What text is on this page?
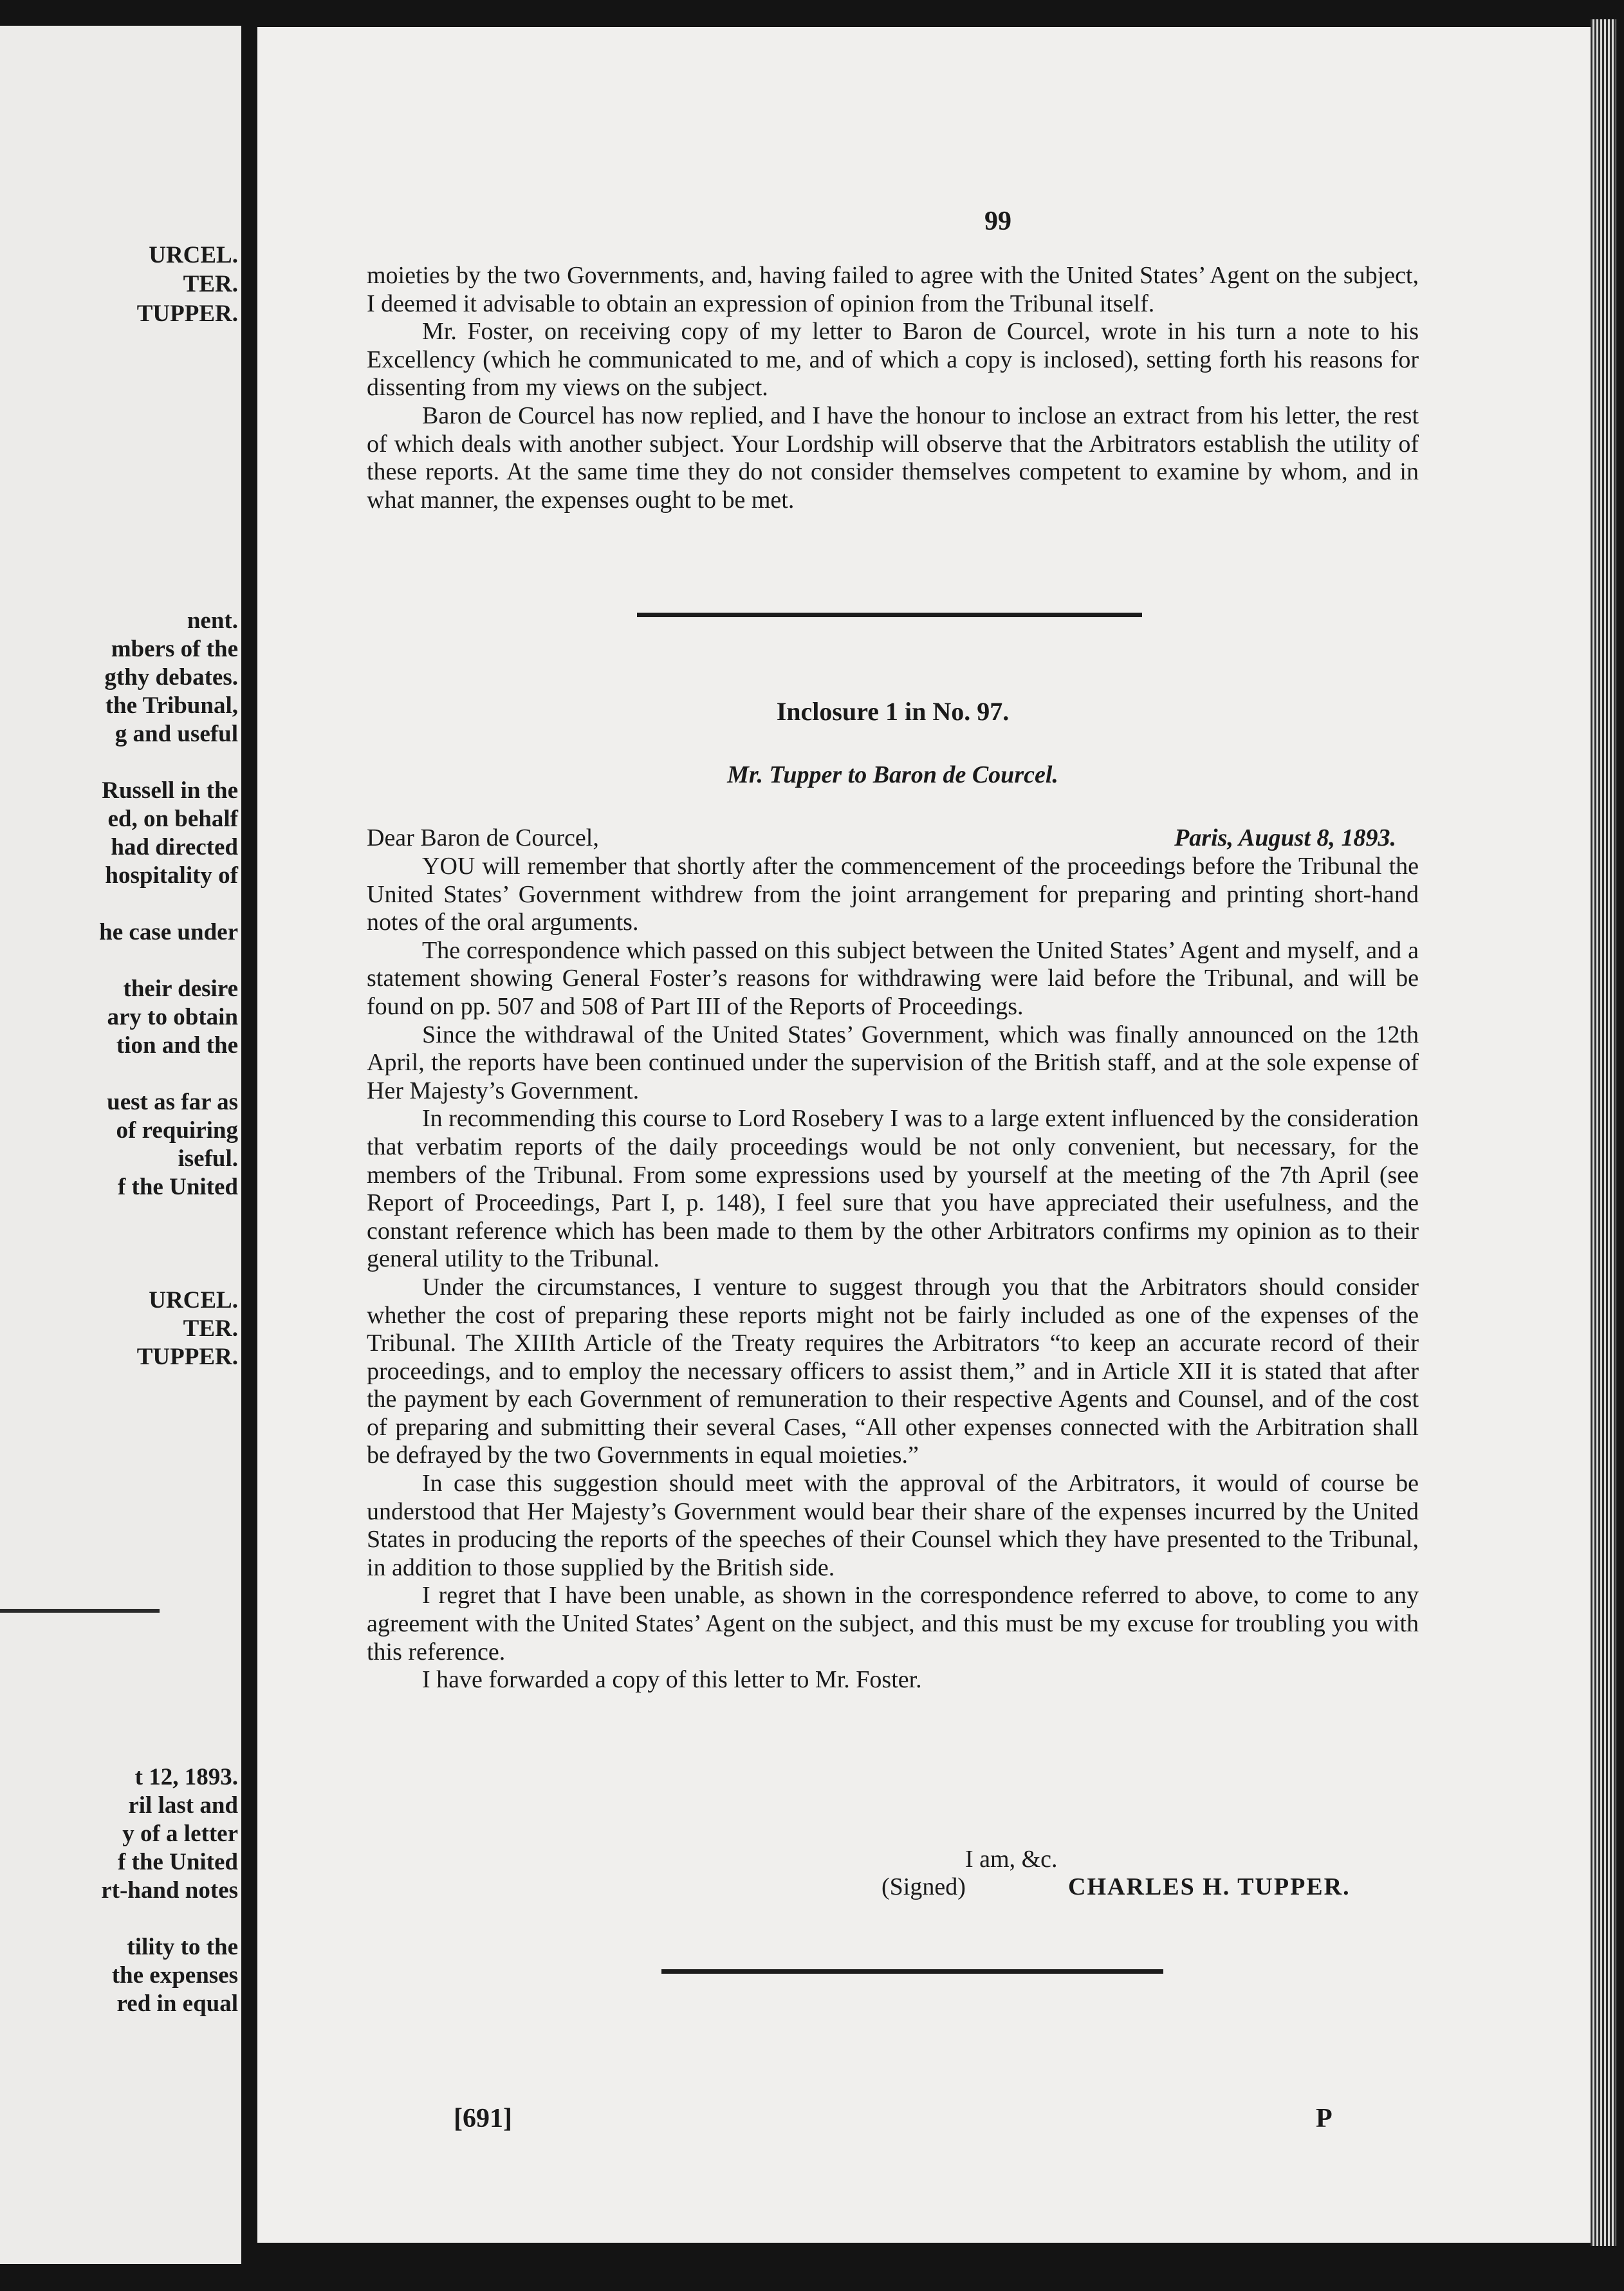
URCEL.
TER.
TUPPER.
nent.
mbers of the
gthy debates.
the Tribunal,
g and useful
Russell in the
ed, on behalf
had directed
hospitality of
he case under
their desire
ary to obtain
tion and the
uest as far as
of requiring
iseful.
f the United
URCEL.
TER.
TUPPER.
t 12, 1893.
ril last and
y of a letter
f the United
rt-hand notes
tility to the
the expenses
red in equal
99

moieties by the two Governments, and, having failed to agree with the United States’ Agent on the subject, I deemed it advisable to obtain an expression of opinion from the Tribunal itself.

Mr. Foster, on receiving copy of my letter to Baron de Courcel, wrote in his turn a note to his Excellency (which he communicated to me, and of which a copy is inclosed), setting forth his reasons for dissenting from my views on the subject.

Baron de Courcel has now replied, and I have the honour to inclose an extract from his letter, the rest of which deals with another subject. Your Lordship will observe that the Arbitrators establish the utility of these reports. At the same time they do not consider themselves competent to examine by whom, and in what manner, the expenses ought to be met.

Inclosure 1 in No. 97.
Mr. Tupper to Baron de Courcel.
Dear Baron de Courcel,	Paris, August 8, 1893.

YOU will remember that shortly after the commencement of the proceedings before the Tribunal the United States’ Government withdrew from the joint arrangement for preparing and printing short-hand notes of the oral arguments.

The correspondence which passed on this subject between the United States’ Agent and myself, and a statement showing General Foster’s reasons for withdrawing were laid before the Tribunal, and will be found on pp. 507 and 508 of Part III of the Reports of Proceedings.

Since the withdrawal of the United States’ Government, which was finally announced on the 12th April, the reports have been continued under the supervision of the British staff, and at the sole expense of Her Majesty’s Government.

In recommending this course to Lord Rosebery I was to a large extent influenced by the consideration that verbatim reports of the daily proceedings would be not only convenient, but necessary, for the members of the Tribunal. From some expressions used by yourself at the meeting of the 7th April (see Report of Proceedings, Part I, p. 148), I feel sure that you have appreciated their usefulness, and the constant reference which has been made to them by the other Arbitrators confirms my opinion as to their general utility to the Tribunal.

Under the circumstances, I venture to suggest through you that the Arbitrators should consider whether the cost of preparing these reports might not be fairly included as one of the expenses of the Tribunal. The XIIIth Article of the Treaty requires the Arbitrators “to keep an accurate record of their proceedings, and to employ the necessary officers to assist them,” and in Article XII it is stated that after the payment by each Government of remuneration to their respective Agents and Counsel, and of the cost of preparing and submitting their several Cases, “All other expenses connected with the Arbitration shall be defrayed by the two Governments in equal moieties.”

In case this suggestion should meet with the approval of the Arbitrators, it would of course be understood that Her Majesty’s Government would bear their share of the expenses incurred by the United States in producing the reports of the speeches of their Counsel which they have presented to the Tribunal, in addition to those supplied by the British side.

I regret that I have been unable, as shown in the correspondence referred to above, to come to any agreement with the United States’ Agent on the subject, and this must be my excuse for troubling you with this reference.

I have forwarded a copy of this letter to Mr. Foster.

I am, &c.
(Signed)	CHARLES H. TUPPER.
[691]	P
